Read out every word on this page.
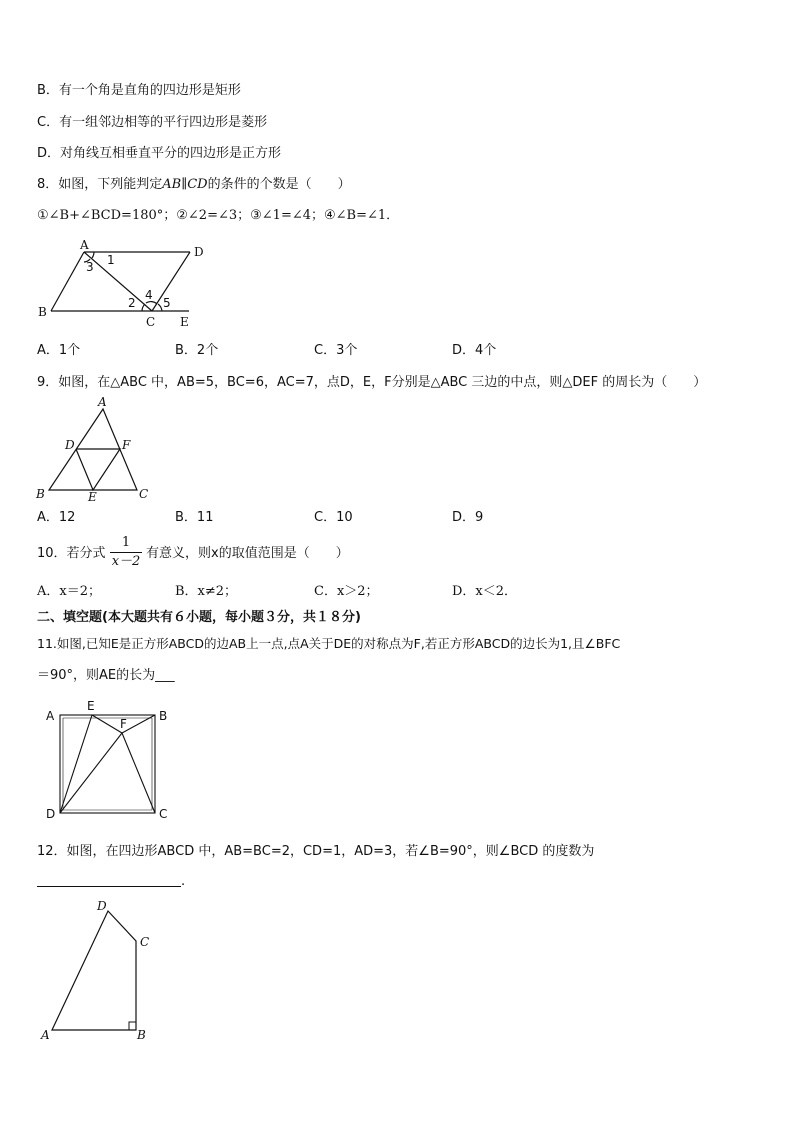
B．有一个角是直角的四边形是矩形
C．有一组邻边相等的平行四边形是菱形
D．对角线互相垂直平分的四边形是正方形
8．如图，下列能判定AB∥CD的条件的个数是（　　）
①∠B+∠BCD=180°；②∠2=∠3；③∠1=∠4；④∠B=∠1．
A
B
C
D
E
1
2
3
4
5
A．1个	B．2个	C．3个	D．4个
9．如图，在△ABC 中，AB=5，BC=6，AC=7，点D，E，F分别是△ABC 三边的中点，则△DEF 的周长为（　　）
A
B	C
D
E
F
A．12	B．11	C．10	D．9
10．若分式
1
x－2
有意义，则x的取值范围是（　　）
A．x＝2；	B．x≠2；	C．x＞2；	D．x＜2．
二、填空题(本大题共有６小题，每小题３分，共１８分)
11.如图,已知E是正方形ABCD的边AB上一点,点A关于DE的对称点为F,若正方形ABCD的边长为1,且∠BFC
＝90°，则AE的长为___
A
E
B
F
D	C
12．如图，在四边形ABCD 中，AB=BC=2，CD=1，AD=3，若∠B=90°，则∠BCD 的度数为
.
D
C
A	B
